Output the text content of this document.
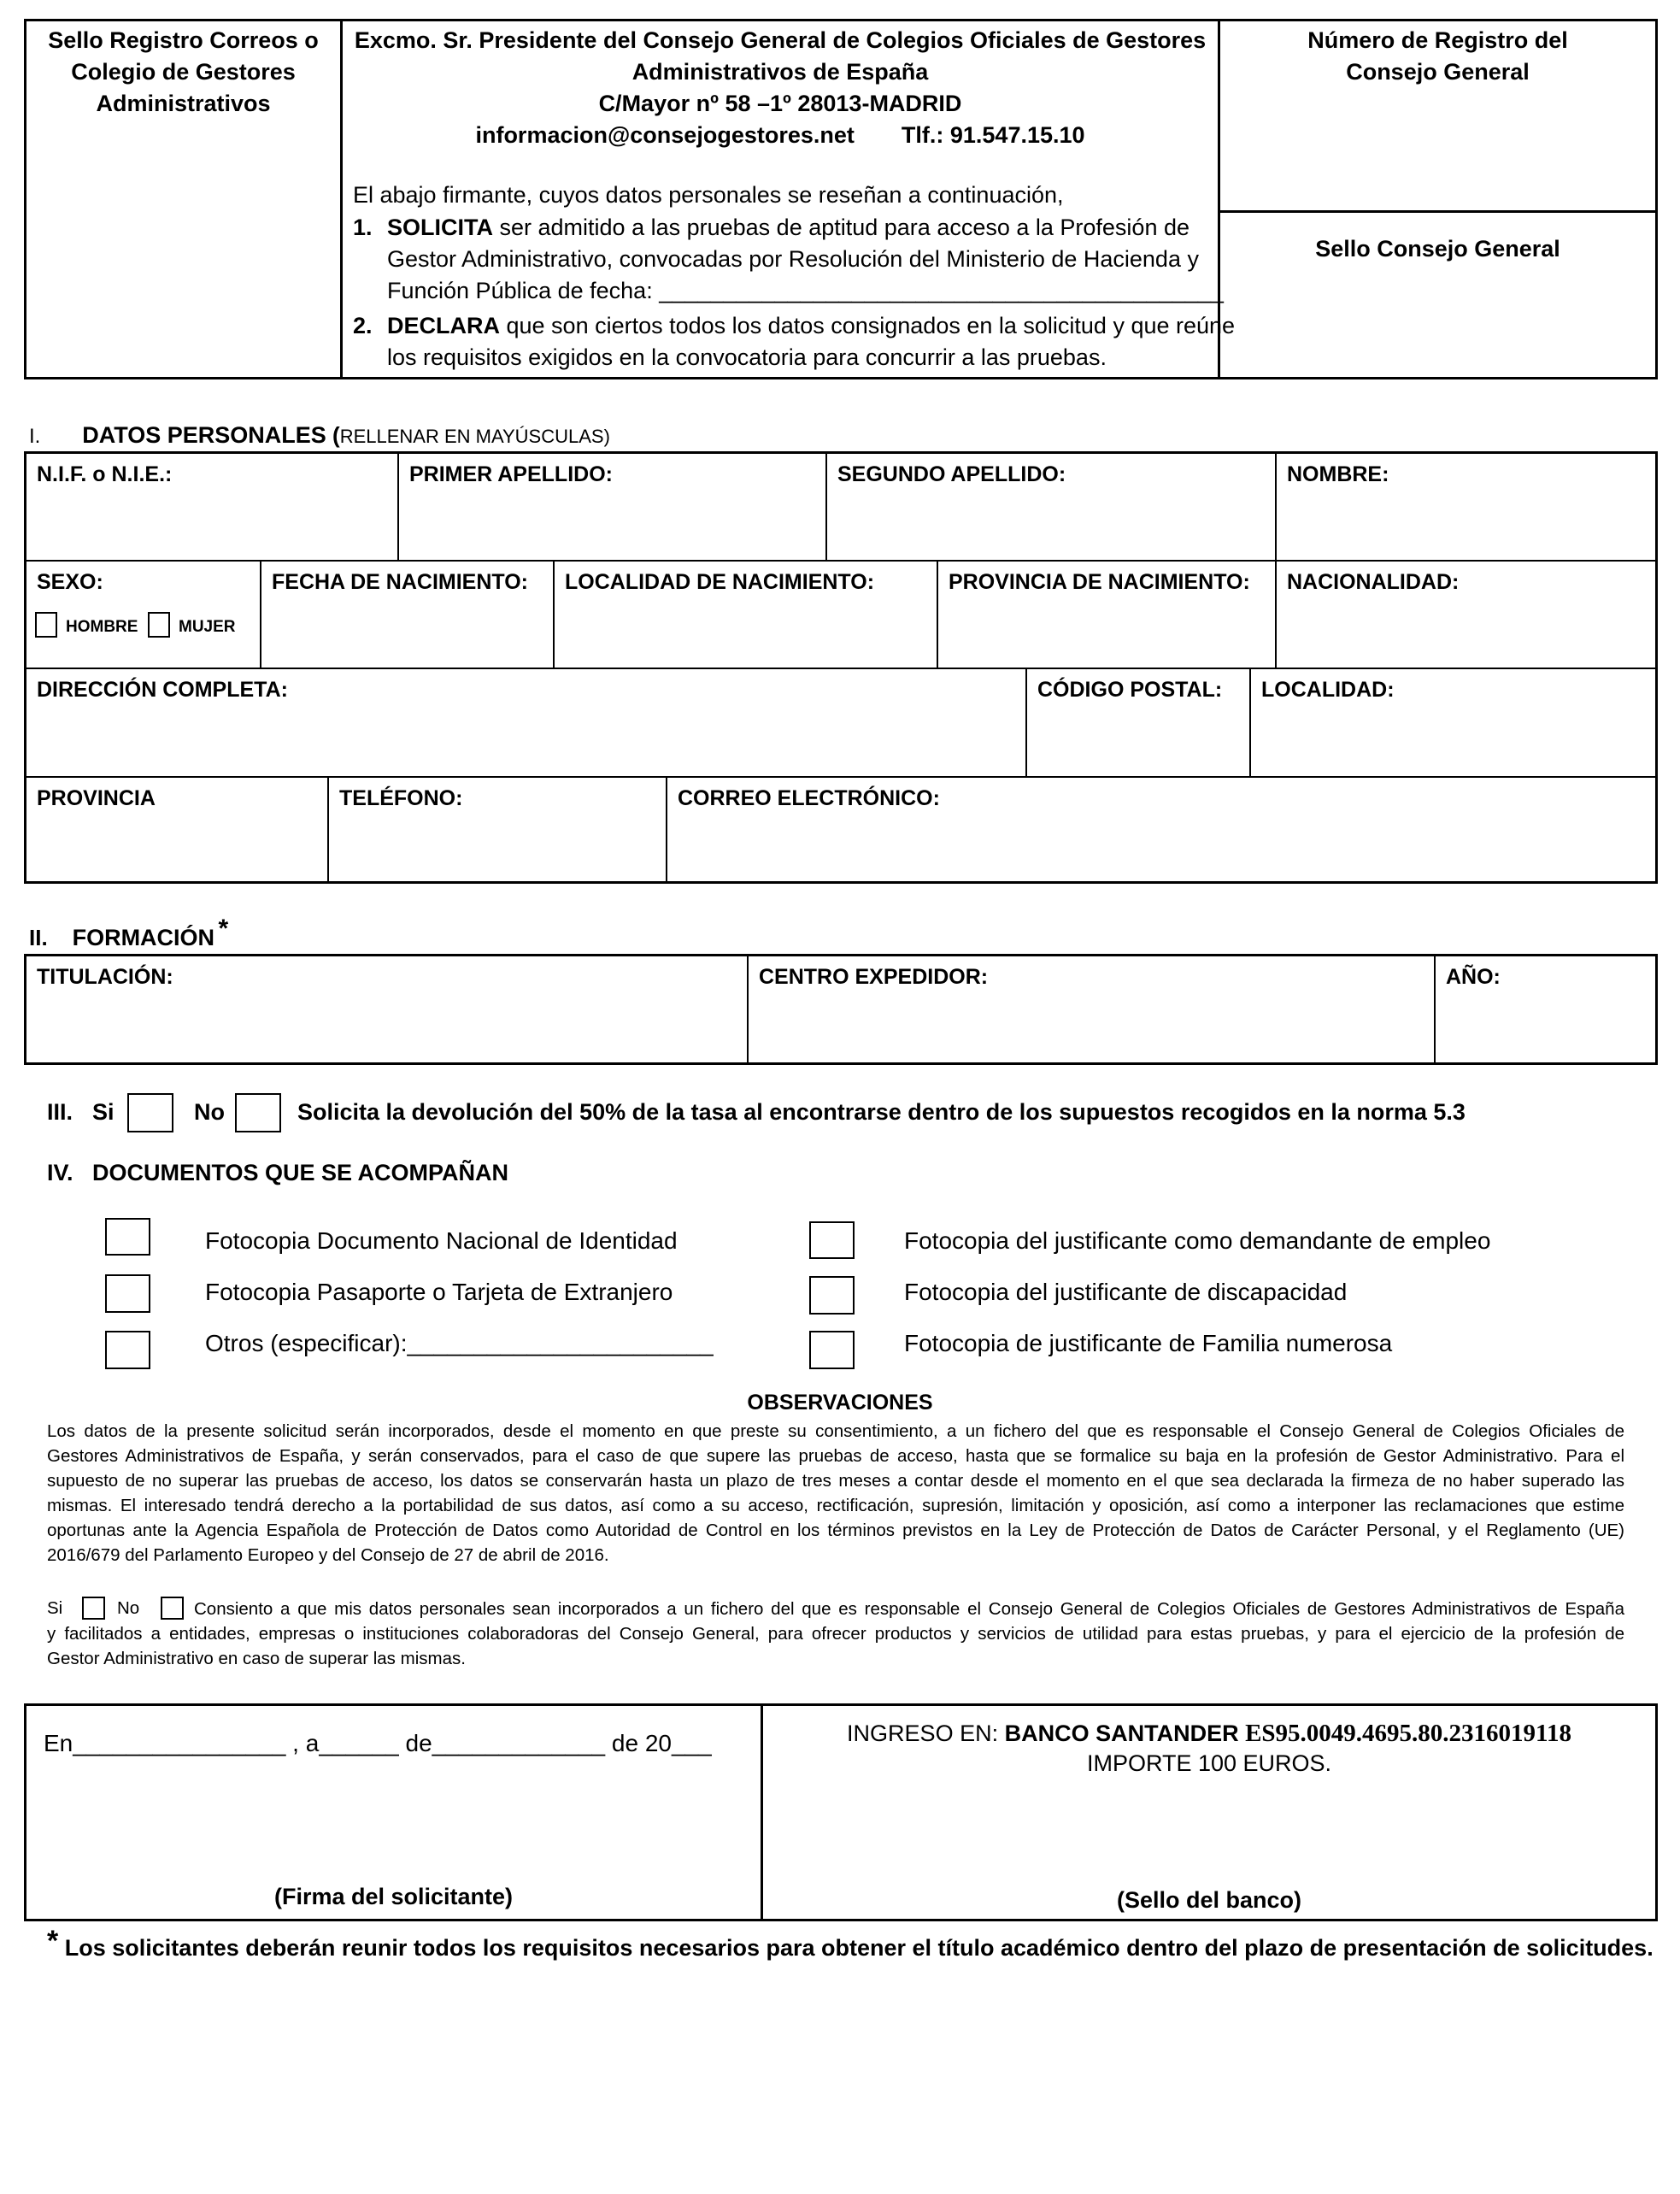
Sello Registro Correos o
Colegio de Gestores
Administrativos
Excmo. Sr. Presidente del Consejo General de Colegios Oficiales de Gestores
Administrativos de España
C/Mayor nº 58 –1º 28013-MADRID
informacion@consejogestores.net Tlf.: 91.547.15.10
El abajo firmante, cuyos datos personales se reseñan a continuación,
1. SOLICITA ser admitido a las pruebas de aptitud para acceso a la Profesión de
Gestor Administrativo, convocadas por Resolución del Ministerio de Hacienda y
Función Pública de fecha: ____________________________________________
2. DECLARA que son ciertos todos los datos consignados en la solicitud y que reúne
los requisitos exigidos en la convocatoria para concurrir a las pruebas.
Número de Registro del
Consejo General
Sello Consejo General
I. DATOS PERSONALES (RELLENAR EN MAYÚSCULAS)
N.I.F. o N.I.E.:	PRIMER APELLIDO:	SEGUNDO APELLIDO:	NOMBRE:
SEXO:
HOMBRE	MUJER
FECHA DE NACIMIENTO: LOCALIDAD DE NACIMIENTO:	PROVINCIA DE NACIMIENTO: NACIONALIDAD:
DIRECCIÓN COMPLETA:	CÓDIGO POSTAL: LOCALIDAD:
PROVINCIA	TELÉFONO:	CORREO ELECTRÓNICO:
II. FORMACIÓN *
TITULACIÓN:	CENTRO EXPEDIDOR:	AÑO:
III. Si	No	Solicita la devolución del 50% de la tasa al encontrarse dentro de los supuestos recogidos en la norma 5.3
IV. DOCUMENTOS QUE SE ACOMPAÑAN
Fotocopia Documento Nacional de Identidad
Fotocopia Pasaporte o Tarjeta de Extranjero
Otros (especificar):_______________________
Fotocopia del justificante como demandante de empleo
Fotocopia del justificante de discapacidad
Fotocopia de justificante de Familia numerosa
OBSERVACIONES
Los datos de la presente solicitud serán incorporados, desde el momento en que preste su consentimiento, a un fichero del que es responsable el Consejo General de Colegios Oficiales de
Gestores Administrativos de España, y serán conservados, para el caso de que supere las pruebas de acceso, hasta que se formalice su baja en la profesión de Gestor Administrativo. Para el
supuesto de no superar las pruebas de acceso, los datos se conservarán hasta un plazo de tres meses a contar desde el momento en el que sea declarada la firmeza de no haber superado las
mismas. El interesado tendrá derecho a la portabilidad de sus datos, así como a su acceso, rectificación, supresión, limitación y oposición, así como a interponer las reclamaciones que estime
oportunas ante la Agencia Española de Protección de Datos como Autoridad de Control en los términos previstos en la Ley de Protección de Datos de Carácter Personal, y el Reglamento (UE)
2016/679 del Parlamento Europeo y del Consejo de 27 de abril de 2016.
Si	No	Consiento a que mis datos personales sean incorporados a un fichero del que es responsable el Consejo General de Colegios Oficiales de Gestores Administrativos de España
y facilitados a entidades, empresas o instituciones colaboradoras del Consejo General, para ofrecer productos y servicios de utilidad para estas pruebas, y para el ejercicio de la profesión de
Gestor Administrativo en caso de superar las mismas.
En________________ , a______ de_____________ de 20___
(Firma del solicitante)
INGRESO EN: BANCO SANTANDER ES95.0049.4695.80.2316019118
IMPORTE 100 EUROS.
(Sello del banco)
* Los solicitantes deberán reunir todos los requisitos necesarios para obtener el título académico dentro del plazo de presentación de solicitudes.
